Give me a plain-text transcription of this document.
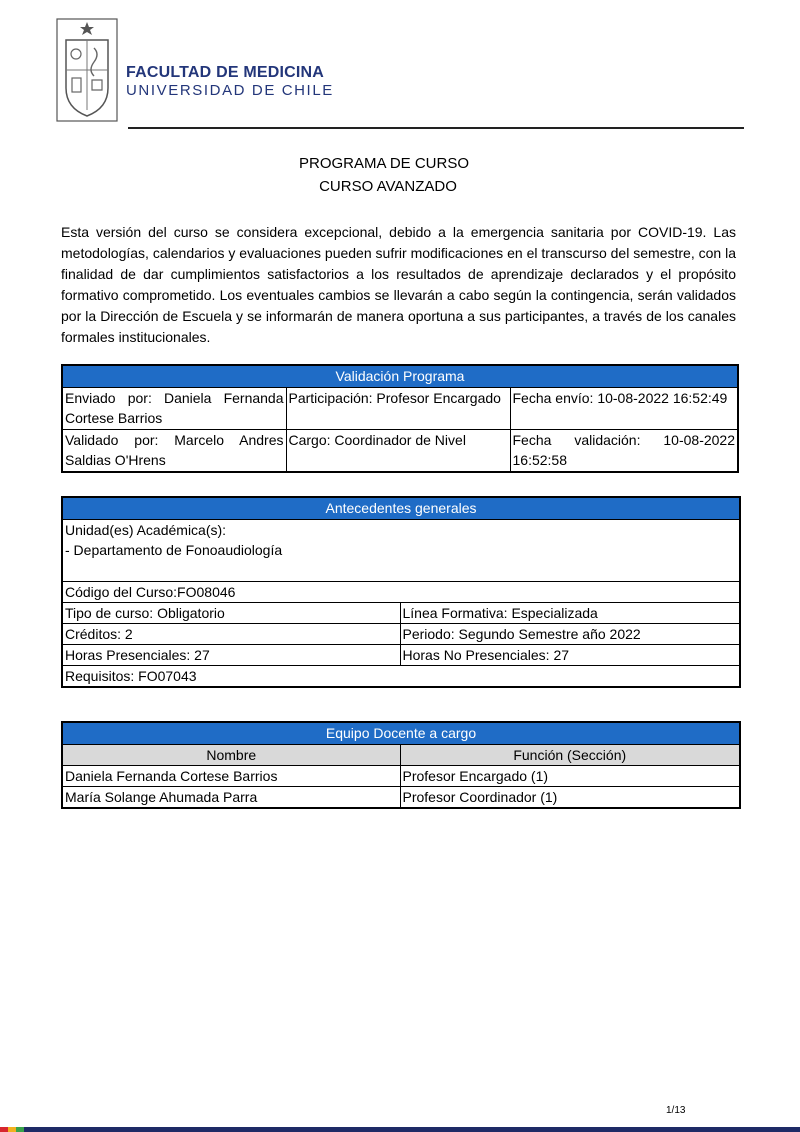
FACULTAD DE MEDICINA
UNIVERSIDAD DE CHILE
PROGRAMA DE CURSO
CURSO AVANZADO
Esta versión del curso se considera excepcional, debido a la emergencia sanitaria por COVID-19. Las metodologías, calendarios y evaluaciones pueden sufrir modificaciones en el transcurso del semestre, con la finalidad de dar cumplimientos satisfactorios a los resultados de aprendizaje declarados y el propósito formativo comprometido. Los eventuales cambios se llevarán a cabo según la contingencia, serán validados por la Dirección de Escuela y se informarán de manera oportuna a sus participantes, a través de los canales formales institucionales.
Validación Programa		
Enviado por: Daniela Fernanda Cortese Barrios	Participación: Profesor Encargado	Fecha envío: 10-08-2022 16:52:49
Validado por: Marcelo Andres Saldias O'Hrens	Cargo: Coordinador de Nivel	Fecha validación: 10-08-2022 16:52:58
Antecedentes generales	

Unidad(es) Académica(s):
- Departamento de Fonoaudiología	

Código del Curso:FO08046	
Tipo de curso: Obligatorio	Línea Formativa: Especializada
Créditos: 2	Periodo: Segundo Semestre año 2022
Horas Presenciales: 27	Horas No Presenciales: 27
Requisitos: FO07043	
Equipo Docente a cargo	
Nombre	Función (Sección)
Daniela Fernanda Cortese Barrios	Profesor Encargado (1)
María Solange Ahumada Parra	Profesor Coordinador (1)
1/13
